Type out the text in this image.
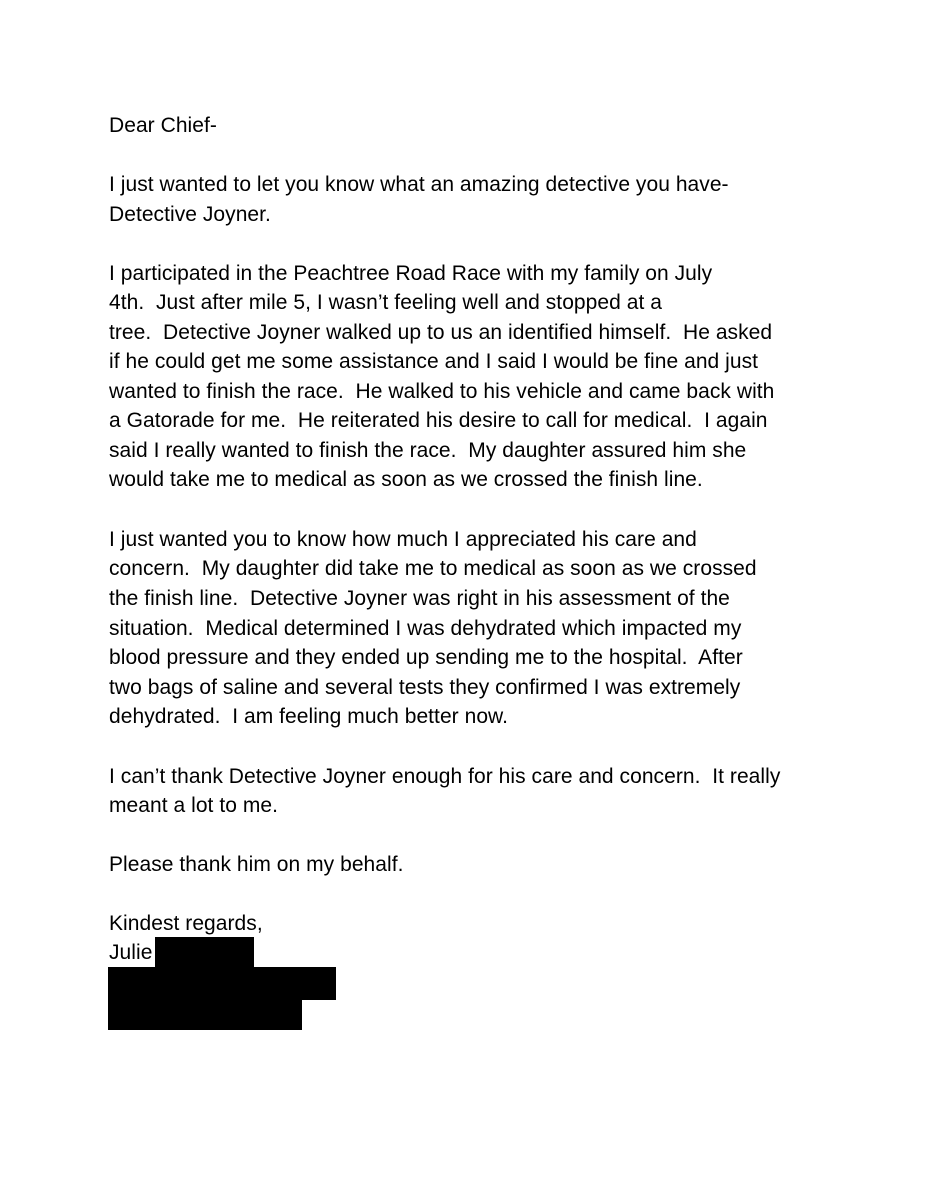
Dear Chief-
I just wanted to let you know what an amazing detective you have-
Detective Joyner.
I participated in the Peachtree Road Race with my family on July
4th.  Just after mile 5, I wasn’t feeling well and stopped at a
tree.  Detective Joyner walked up to us an identified himself.  He asked
if he could get me some assistance and I said I would be fine and just
wanted to finish the race.  He walked to his vehicle and came back with
a Gatorade for me.  He reiterated his desire to call for medical.  I again
said I really wanted to finish the race.  My daughter assured him she
would take me to medical as soon as we crossed the finish line.
I just wanted you to know how much I appreciated his care and
concern.  My daughter did take me to medical as soon as we crossed
the finish line.  Detective Joyner was right in his assessment of the
situation.  Medical determined I was dehydrated which impacted my
blood pressure and they ended up sending me to the hospital.  After
two bags of saline and several tests they confirmed I was extremely
dehydrated.  I am feeling much better now.
I can’t thank Detective Joyner enough for his care and concern.  It really
meant a lot to me.
Please thank him on my behalf.
Kindest regards,
Julie
